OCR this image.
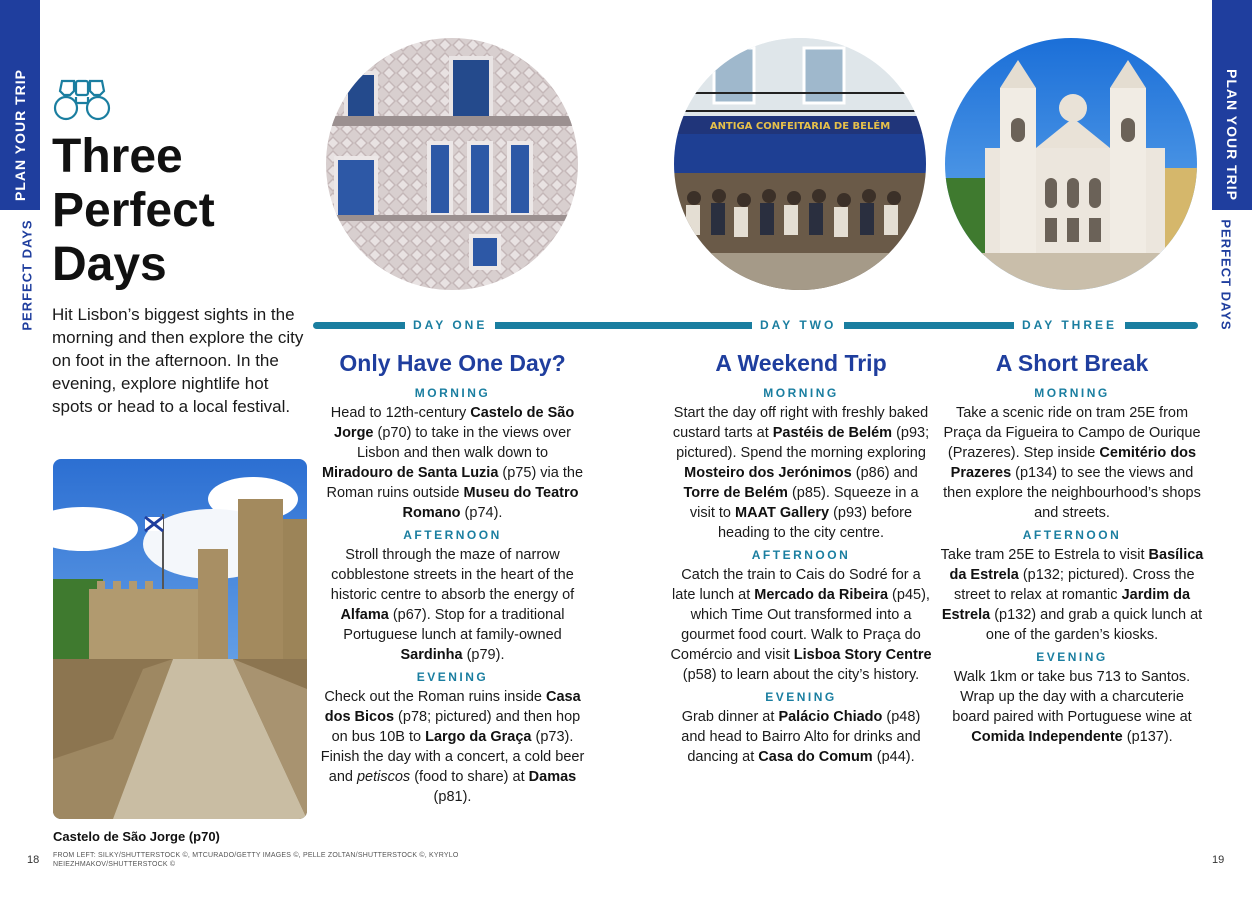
PLAN YOUR TRIP
PERFECT DAYS
PLAN YOUR TRIP
PERFECT DAYS
Three
Perfect
Days
Hit Lisbon’s biggest sights in the morning and then explore the city on foot in the afternoon. In the evening, explore nightlife hot spots or head to a local festival.
Castelo de São Jorge (p70)
FROM LEFT: SILKY/SHUTTERSTOCK ©, MTCURADO/GETTY IMAGES ©, PELLE ZOLTAN/SHUTTERSTOCK ©, KYRYLO NEIEZHMAKOV/SHUTTERSTOCK ©
18	19
ANTIGA CONFEITARIA DE BELÉM
DAY ONE	DAY TWO	DAY THREE
Only Have One Day?
MORNING

Head to 12th-century Castelo de São Jorge (p70) to take in the views over Lisbon and then walk down to Miradouro de Santa Luzia (p75) via the Roman ruins outside Museu do Teatro Romano (p74).

AFTERNOON

Stroll through the maze of narrow cobblestone streets in the heart of the historic centre to absorb the energy of Alfama (p67). Stop for a traditional Portuguese lunch at family-owned Sardinha (p79).

EVENING

Check out the Roman ruins inside Casa dos Bicos (p78; pictured) and then hop on bus 10B to Largo da Graça (p73). Finish the day with a concert, a cold beer and petiscos (food to share) at Damas (p81).

A Weekend Trip
MORNING

Start the day off right with freshly baked custard tarts at Pastéis de Belém (p93; pictured). Spend the morning exploring Mosteiro dos Jerónimos (p86) and Torre de Belém (p85). Squeeze in a visit to MAAT Gallery (p93) before heading to the city centre.

AFTERNOON

Catch the train to Cais do Sodré for a late lunch at Mercado da Ribeira (p45), which Time Out transformed into a gourmet food court. Walk to Praça do Comércio and visit Lisboa Story Centre (p58) to learn about the city’s history.

EVENING

Grab dinner at Palácio Chiado (p48) and head to Bairro Alto for drinks and dancing at Casa do Comum (p44).

A Short Break
MORNING

Take a scenic ride on tram 25E from Praça da Figueira to Campo de Ourique (Prazeres). Step inside Cemitério dos Prazeres (p134) to see the views and then explore the neighbourhood’s shops and streets.

AFTERNOON

Take tram 25E to Estrela to visit Basílica da Estrela (p132; pictured). Cross the street to relax at romantic Jardim da Estrela (p132) and grab a quick lunch at one of the garden’s kiosks.

EVENING

Walk 1km or take bus 713 to Santos. Wrap up the day with a charcuterie board paired with Portuguese wine at Comida Independente (p137).
